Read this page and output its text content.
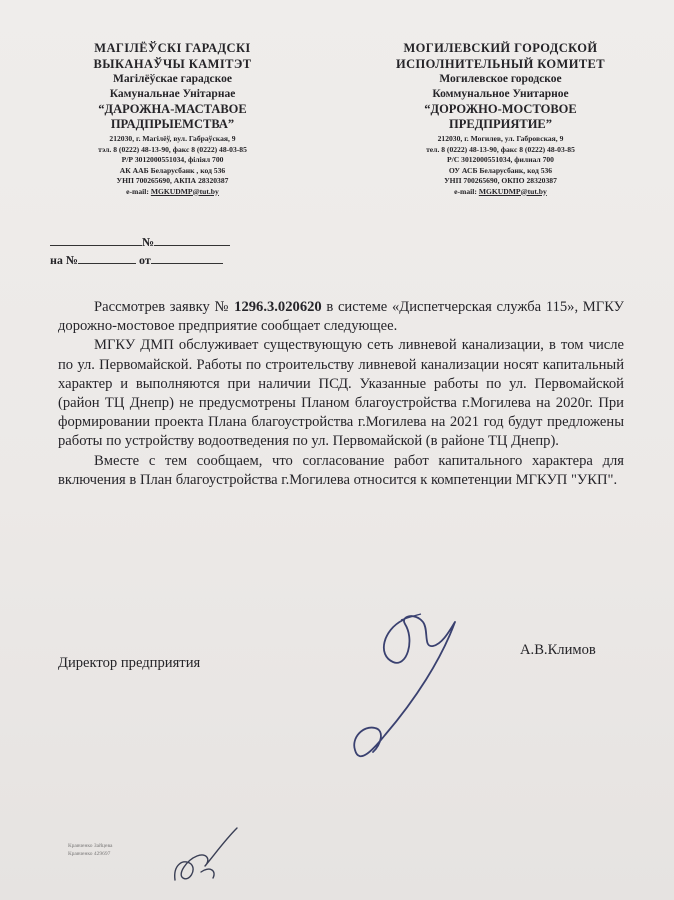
МАГІЛЁЎСКІ ГАРАДСКІ
ВЫКАНАЎЧЫ КАМІТЭТ
Магілёўскае гарадское
Камунальнае Унітарнае
“ДАРОЖНА-МАСТАВОЕ
ПРАДПРЫЕМСТВА”
212030, г. Магілёў, вул. Габраўская, 9
тэл. 8 (0222) 48-13-90, факс 8 (0222) 48-03-85
Р/Р 3012000551034, філіял 700
АК ААБ Беларусбанк , код 536
УНП 700265690, АКПА 28320387
e-mail: MGKUDMP@tut.by
МОГИЛЕВСКИЙ ГОРОДСКОЙ
ИСПОЛНИТЕЛЬНЫЙ КОМИТЕТ
Могилевское городское
Коммунальное Унитарное
“ДОРОЖНО-МОСТОВОЕ
ПРЕДПРИЯТИЕ”
212030, г. Могилев, ул. Габровская, 9
тел. 8 (0222) 48-13-90, факс 8 (0222) 48-03-85
Р/С 3012000551034, филиал 700
ОУ АСБ Беларусбанк, код 536
УНП 700265690, ОКПО 28320387
e-mail: MGKUDMP@tut.by
№
на №	от

Рассмотрев заявку № 1296.3.020620 в системе «Диспетчерская служба 115», МГКУ дорожно-мостовое предприятие сообщает следующее.

МГКУ ДМП обслуживает существующую сеть ливневой канализации, в том числе по ул. Первомайской. Работы по строительству ливневой канализации носят капитальный характер и выполняются при наличии ПСД. Указанные работы по ул. Первомайской (район ТЦ Днепр) не предусмотрены Планом благоустройства г.Могилева на 2020г. При формировании проекта Плана благоустройства г.Могилева на 2021 год будут предложены работы по устройству водоотведения по ул. Первомайской (в районе ТЦ Днепр).

Вместе с тем сообщаем, что согласование работ капитального характера для включения в План благоустройства г.Могилева относится к компетенции МГКУП "УКП".

А.В.Климов
Директор предприятия
Кравченко Зайцева
Кравченко 429697
